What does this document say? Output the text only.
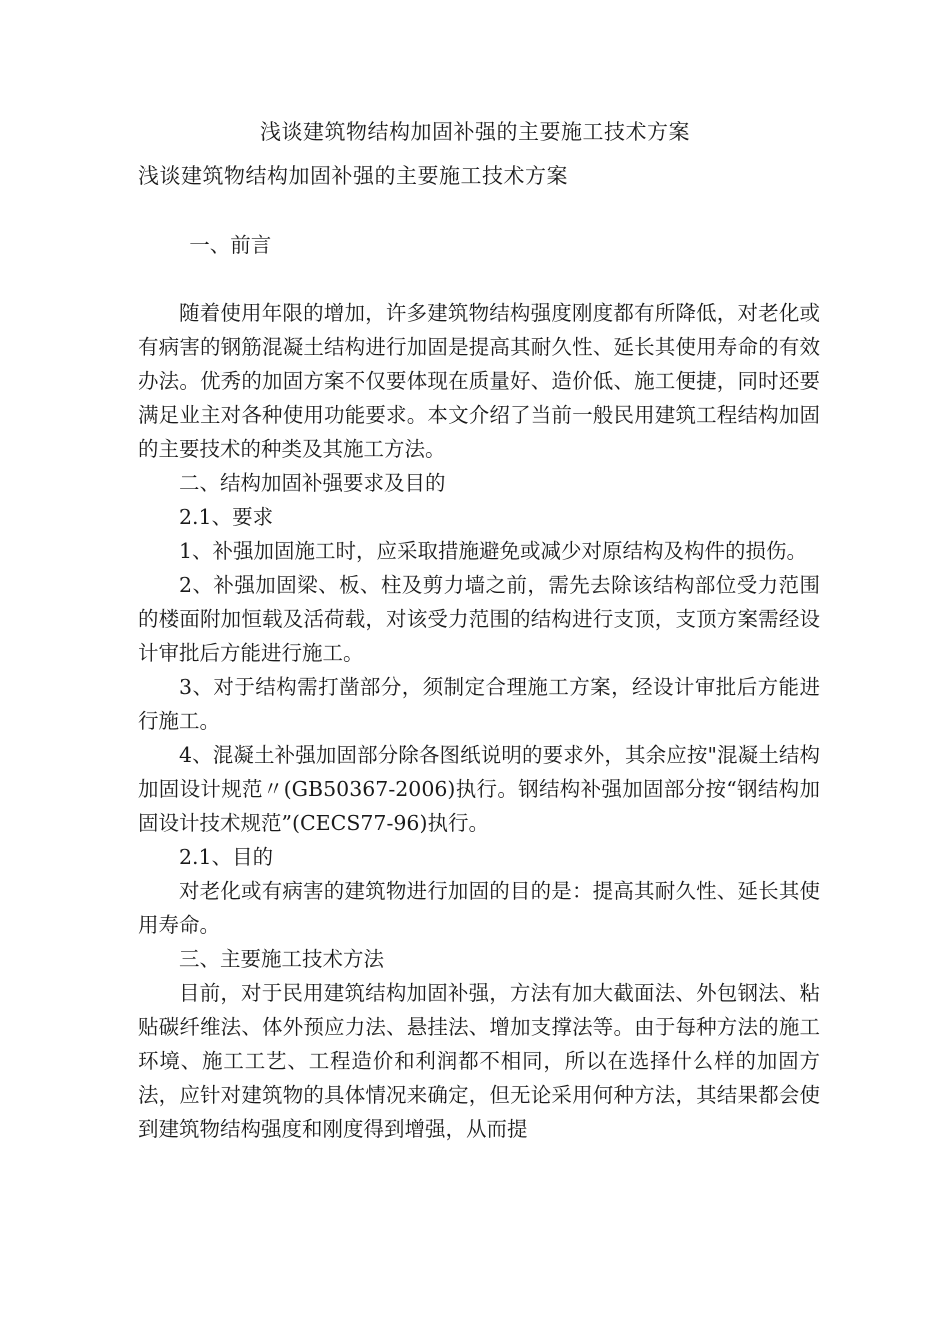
浅谈建筑物结构加固补强的主要施工技术方案
浅谈建筑物结构加固补强的主要施工技术方案

一、前言

随着使用年限的增加，许多建筑物结构强度刚度都有所降低，对老化或有病害的钢筋混凝土结构进行加固是提高其耐久性、延长其使用寿命的有效办法。优秀的加固方案不仅要体现在质量好、造价低、施工便捷，同时还要满足业主对各种使用功能要求。本文介绍了当前一般民用建筑工程结构加固的主要技术的种类及其施工方法。

二、结构加固补强要求及目的

2.1、要求

1、补强加固施工时，应采取措施避免或减少对原结构及构件的损伤。

2、补强加固梁、板、柱及剪力墙之前，需先去除该结构部位受力范围的楼面附加恒载及活荷载，对该受力范围的结构进行支顶，支顶方案需经设计审批后方能进行施工。

3、对于结构需打凿部分，须制定合理施工方案，经设计审批后方能进行施工。

4、混凝土补强加固部分除各图纸说明的要求外，其余应按"混凝土结构加固设计规范〃(GB50367-2006)执行。钢结构补强加固部分按“钢结构加固设计技术规范”(CECS77-96)执行。

2.1、目的

对老化或有病害的建筑物进行加固的目的是：提高其耐久性、延长其使用寿命。

三、主要施工技术方法

目前，对于民用建筑结构加固补强，方法有加大截面法、外包钢法、粘贴碳纤维法、体外预应力法、悬挂法、增加支撑法等。由于每种方法的施工环境、施工工艺、工程造价和利润都不相同，所以在选择什么样的加固方法，应针对建筑物的具体情况来确定，但无论采用何种方法，其结果都会使到建筑物结构强度和刚度得到增强，从而提
